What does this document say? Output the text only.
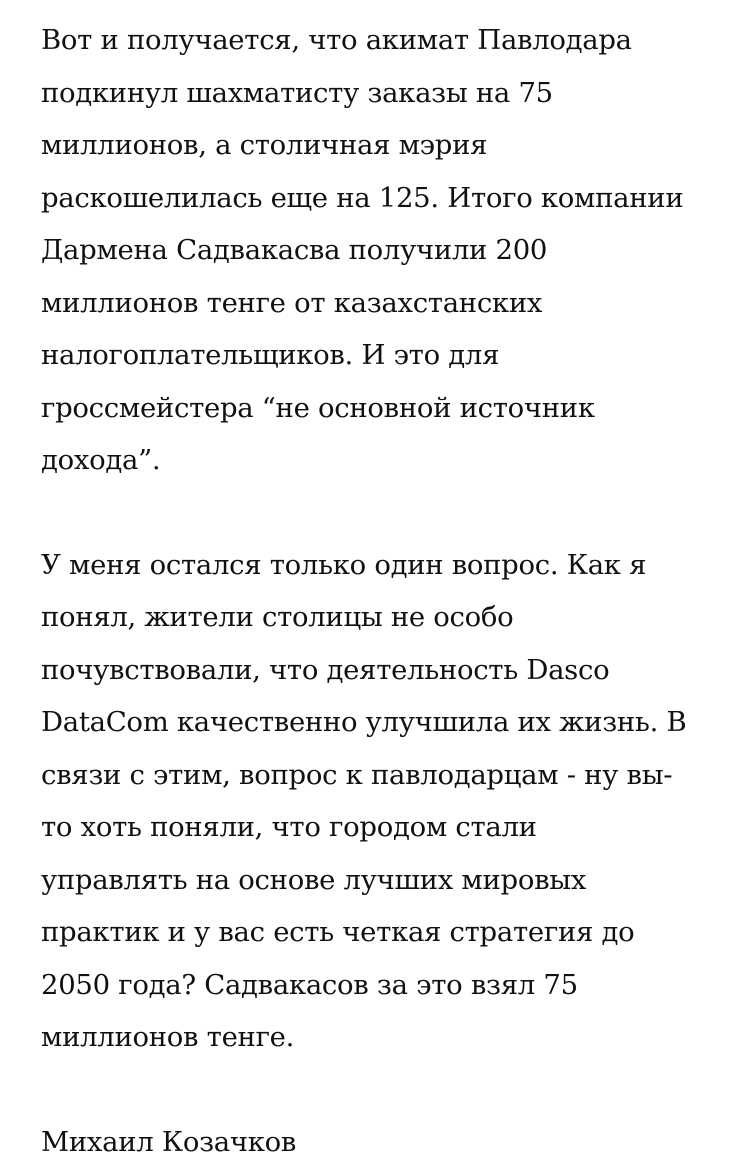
Вот и получается, что акимат Павлодара
подкинул шахматисту заказы на 75
миллионов, а столичная мэрия
раскошелилась еще на 125. Итого компании
Дармена Садвакасва получили 200
миллионов тенге от казахстанских
налогоплательщиков. И это для
гроссмейстера “не основной источник
дохода”.

У меня остался только один вопрос. Как я
понял, жители столицы не особо
почувствовали, что деятельность Dasco
DataCom качественно улучшила их жизнь. В
связи с этим, вопрос к павлодарцам - ну вы-
то хоть поняли, что городом стали
управлять на основе лучших мировых
практик и у вас есть четкая стратегия до
2050 года? Садвакасов за это взял 75
миллионов тенге.

Михаил Козачков
